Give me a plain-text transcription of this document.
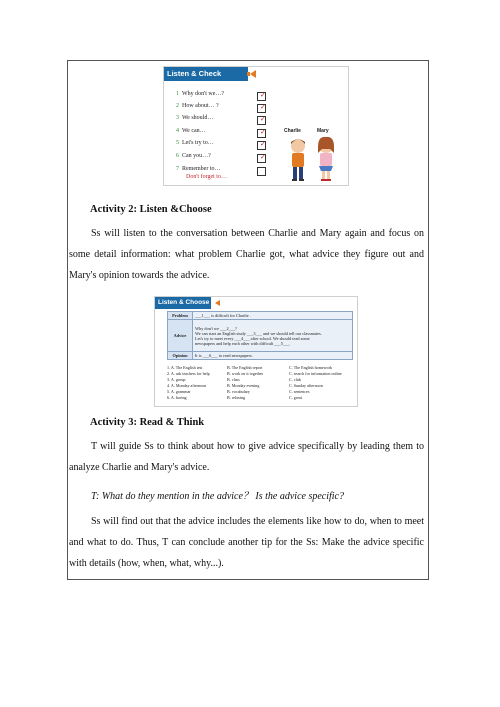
Listen & Check
1 Why don't we…?	✓
2 How about… ?	✓
3 We should…	✓
4 We can…	✓
5 Let's try to…	✓
6 Can you…?	✓
7 Remember to…
Don't forget to…
Charlie	Mary
Activity 2: Listen &Choose
Ss will listen to the conversation between Charlie and Mary again and focus on some detail information: what problem Charlie got, what advice they figure out and Mary's opinion towards the advice.
Listen & Choose
Problem	___1___ is difficult for Charlie .
Advice	Why don't we ___2___?
We can start an English study ___3___ and we should tell our classmates.
Let's try to meet every ___4___ after school. We should read some
newspapers and help each other with difficult ___5___.

Opinion	It is ___6___ to read newspapers.
1. A. The English test	B. The English report	C. The English homework
2. A. ask teachers for help	B. work on it together	C. search for information online
3. A. group	B. class	C. club
4. A. Monday afternoon	B. Monday evening	C. Sunday afternoon
5. A. grammar	B. vocabulary	C. sentences
6. A. boring	B. relaxing	C. great
Activity 3: Read & Think
T will guide Ss to think about how to give advice specifically by leading them to analyze Charlie and Mary's advice.
T: What do they mention in the advice？ Is the advice specific?
Ss will find out that the advice includes the elements like how to do, when to meet and what to do. Thus, T can conclude another tip for the Ss: Make the advice specific with details (how, when, what, why...).
